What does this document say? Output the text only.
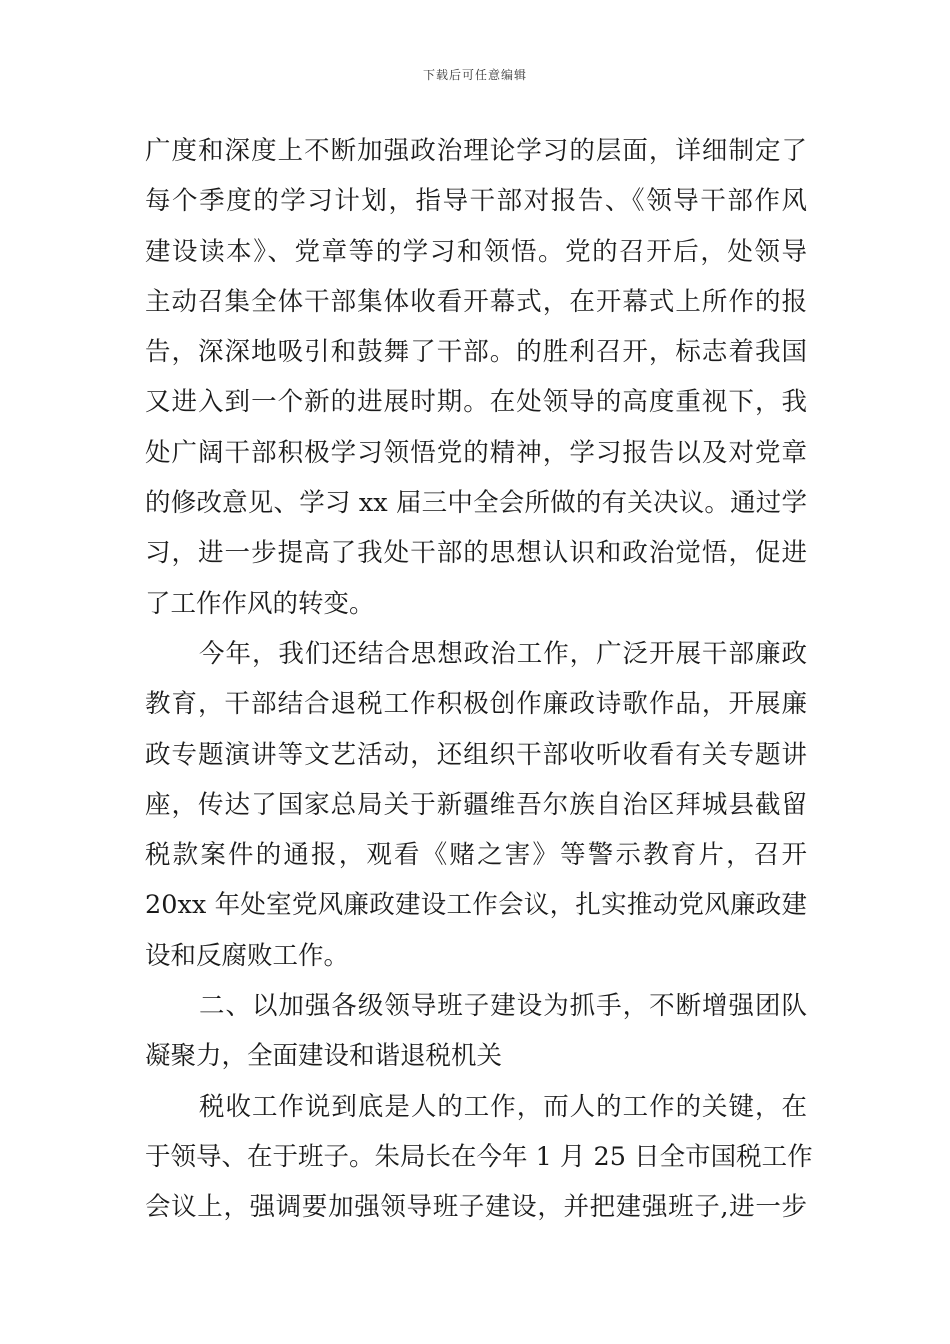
下载后可任意编辑
广度和深度上不断加强政治理论学习的层面，详细制定了
每个季度的学习计划，指导干部对报告、《领导干部作风
建设读本》、党章等的学习和领悟。党的召开后，处领导
主动召集全体干部集体收看开幕式，在开幕式上所作的报
告，深深地吸引和鼓舞了干部。的胜利召开，标志着我国
又进入到一个新的进展时期。在处领导的高度重视下，我
处广阔干部积极学习领悟党的精神，学习报告以及对党章
的修改意见、学习 xx 届三中全会所做的有关决议。通过学
习，进一步提高了我处干部的思想认识和政治觉悟，促进
了工作作风的转变。
今年，我们还结合思想政治工作，广泛开展干部廉政
教育，干部结合退税工作积极创作廉政诗歌作品，开展廉
政专题演讲等文艺活动，还组织干部收听收看有关专题讲
座，传达了国家总局关于新疆维吾尔族自治区拜城县截留
税款案件的通报，观看《赌之害》等警示教育片，召开
20xx 年处室党风廉政建设工作会议，扎实推动党风廉政建
设和反腐败工作。
二、以加强各级领导班子建设为抓手，不断增强团队
凝聚力，全面建设和谐退税机关
税收工作说到底是人的工作，而人的工作的关键，在
于领导、在于班子。朱局长在今年 1 月 25 日全市国税工作
会议上，强调要加强领导班子建设，并把建强班子,进一步
